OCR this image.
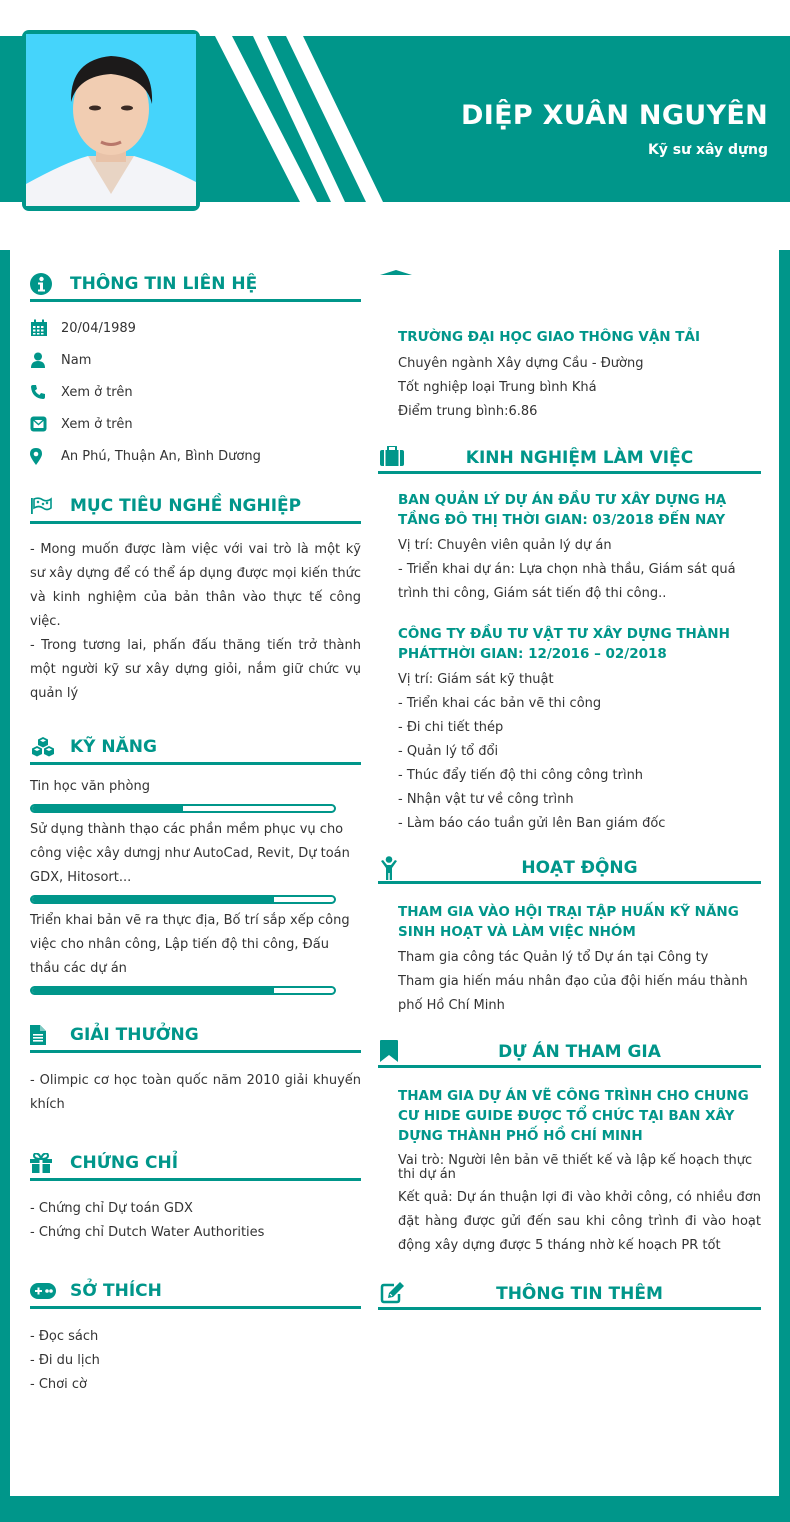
DIỆP XUÂN NGUYÊN
Kỹ sư xây dựng
THÔNG TIN LIÊN HỆ
20/04/1989
Nam
Xem ở trên
Xem ở trên
An Phú, Thuận An, Bình Dương
MỤC TIÊU NGHỀ NGHIỆP

- Mong muốn được làm việc với vai trò là một kỹ sư xây dựng để có thể áp dụng được mọi kiến thức và kinh nghiệm của bản thân vào thực tế công việc.

- Trong tương lai, phấn đấu thăng tiến trở thành một người kỹ sư xây dựng giỏi, nắm giữ chức vụ quản lý

KỸ NĂNG
Tin học văn phòng
Sử dụng thành thạo các phần mềm phục vụ cho công việc xây dưngj như AutoCad, Revit, Dự toán GDX, Hitosort...
Triển khai bản vẽ ra thực địa, Bố trí sắp xếp công việc cho nhân công, Lập tiến độ thi công, Đấu thầu các dự án
GIẢI THƯỞNG

- Olimpic cơ học toàn quốc năm 2010 giải khuyến khích

CHỨNG CHỈ
- Chứng chỉ Dự toán GDX
- Chứng chỉ Dutch Water Authorities
SỞ THÍCH
- Đọc sách
- Đi du lịch
- Chơi cờ
TRƯỜNG ĐẠI HỌC GIAO THÔNG VẬN TẢI
Chuyên ngành Xây dựng Cầu - Đường
Tốt nghiệp loại Trung bình Khá
Điểm trung bình:6.86
KINH NGHIỆM LÀM VIỆC
BAN QUẢN LÝ DỰ ÁN ĐẦU TƯ XÂY DỰNG HẠ TẦNG ĐÔ THỊ THỜI GIAN: 03/2018 ĐẾN NAY
Vị trí: Chuyên viên quản lý dự án
- Triển khai dự án: Lựa chọn nhà thầu, Giám sát quá trình thi công, Giám sát tiến độ thi công..
CÔNG TY ĐẦU TƯ VẬT TƯ XÂY DỰNG THÀNH PHÁTTHỜI GIAN: 12/2016 – 02/2018
Vị trí: Giám sát kỹ thuật
- Triển khai các bản vẽ thi công
- Đi chi tiết thép
- Quản lý tổ đổi
- Thúc đẩy tiến độ thi công công trình
- Nhận vật tư về công trình
- Làm báo cáo tuần gửi lên Ban giám đốc
HOẠT ĐỘNG
THAM GIA VÀO HỘI TRẠI TẬP HUẤN KỸ NĂNG SINH HOẠT VÀ LÀM VIỆC NHÓM
Tham gia công tác Quản lý tổ Dự án tại Công ty
Tham gia hiến máu nhân đạo của đội hiến máu thành phố Hồ Chí Minh
DỰ ÁN THAM GIA
THAM GIA DỰ ÁN VẼ CÔNG TRÌNH CHO CHUNG CƯ HIDE GUIDE ĐƯỢC TỔ CHỨC TẠI BAN XÂY DỰNG THÀNH PHỐ HỒ CHÍ MINH
Vai trò: Người lên bản vẽ thiết kế và lập kế hoạch thực thi dự án
Kết quả: Dự án thuận lợi đi vào khởi công, có nhiều đơn đặt hàng được gửi đến sau khi công trình đi vào hoạt động xây dựng được 5 tháng nhờ kế hoạch PR tốt
THÔNG TIN THÊM
